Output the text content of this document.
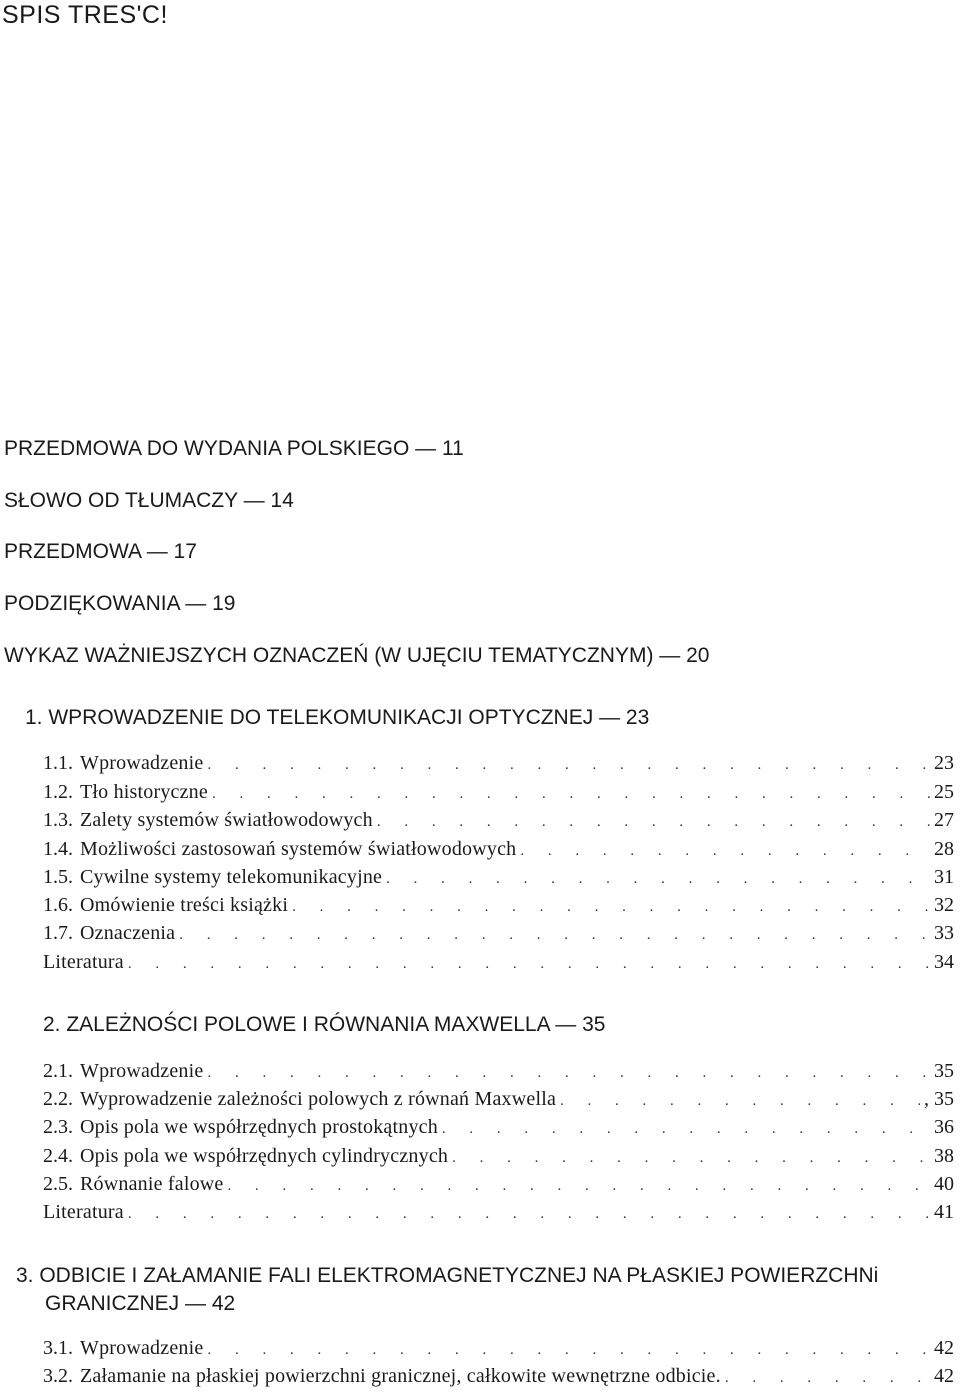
SPIS TRES'C!
PRZEDMOWA DO WYDANIA POLSKIEGO — 11
SŁOWO OD TŁUMACZY — 14
PRZEDMOWA — 17
PODZIĘKOWANIA — 19
WYKAZ WAŻNIEJSZYCH OZNACZEŃ (W UJĘCIU TEMATYCZNYM) — 20
1. WPROWADZENIE DO TELEKOMUNIKACJI OPTYCZNEJ — 23
1.1. Wprowadzenie . . .	23
1.2. Tło historyczne . . .	25
1.3. Zalety systemów światłowodowych . . .	27
1.4. Możliwości zastosowań systemów światłowodowych . . .	28
1.5. Cywilne systemy telekomunikacyjne . . .	31
1.6. Omówienie treści książki . . .	32
1.7. Oznaczenia . . .	33
Literatura . . .	34
2. ZALEŻNOŚCI POLOWE I RÓWNANIA MAXWELLA — 35
2.1. Wprowadzenie . . .	35
2.2. Wyprowadzenie zależności polowych z równań Maxwella . . .	, 35
2.3. Opis pola we współrzędnych prostokątnych . . .	36
2.4. Opis pola we współrzędnych cylindrycznych . . .	38
2.5. Równanie falowe . . .	40
Literatura . . .	41
3. ODBICIE I ZAŁAMANIE FALI ELEKTROMAGNETYCZNEJ NA PŁASKIEJ POWIERZCHNi
GRANICZNEJ — 42
3.1. Wprowadzenie . . .	42
3.2. Załamanie na płaskiej powierzchni granicznej, całkowite wewnętrzne odbicie. . . .	42
